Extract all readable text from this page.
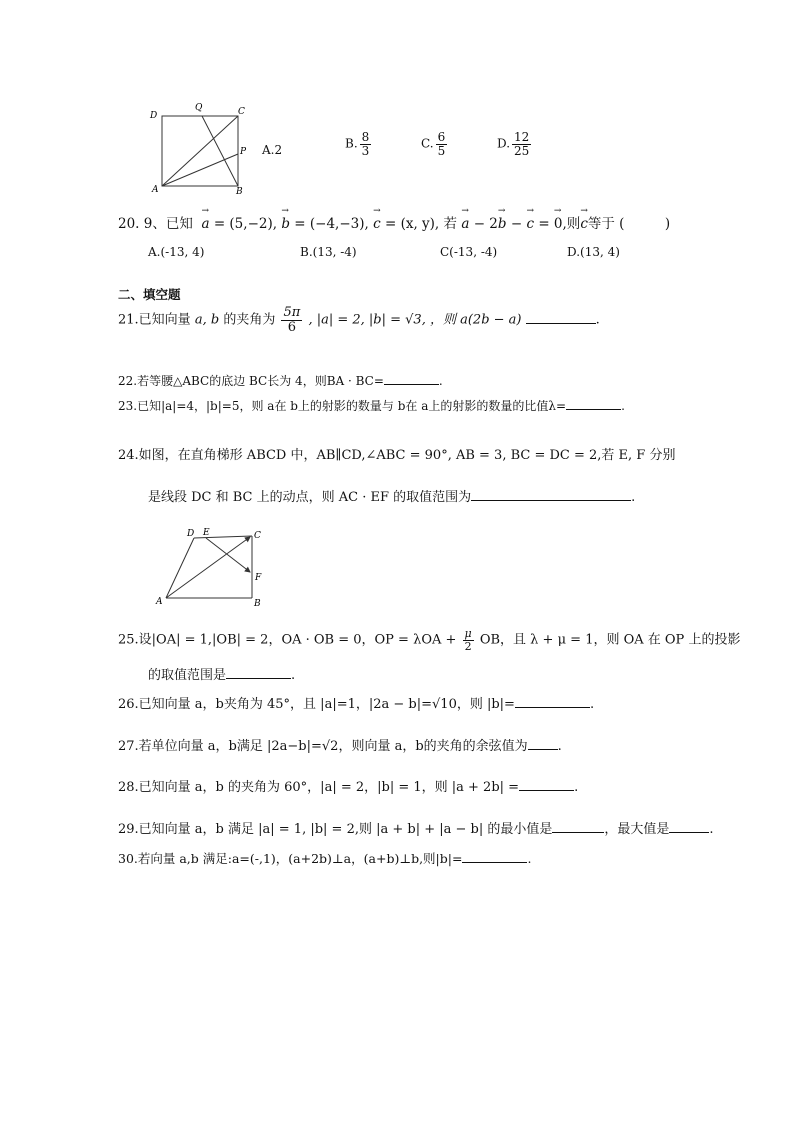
D
Q	C
P
A	B
A.2	B. $\frac{8}{3}$	C. $\frac{6}{5}$	D. $\frac{12}{25}$
20. 9、已知 → a = (5,−2), → b = (−4,−3), → c = (x, y), 若 → a − 2→ b − → c = → 0,则→ c等于 (　　　)
A.(-13, 4)	B.(13, -4)	C(-13, -4)	D.(13, 4)
二、填空题
21.已知向量 a, b 的夹角为 $\frac{5\pi}{6}$ , |a| = 2, |b| = √3, ，则 a(2b − a)	.
22.若等腰△ABC的底边 BC长为 4，则BA · BC=	.
23.已知|a|=4，|b|=5，则 a在 b上的射影的数量与 b在 a上的射影的数量的比值λ=	.
24.如图，在直角梯形 ABCD 中，AB∥CD,∠ABC = 90°, AB = 3, BC = DC = 2,若 E, F 分别
是线段 DC 和 BC 上的动点，则 AC · EF 的取值范围为	.
D E	C
F
A	B
25.设|OA| = 1,|OB| = 2，OA · OB = 0，OP = $\lambda OA + \frac{\mu}{2}$ OB，且 λ + μ = 1，则 OA 在 OP 上的投影
的取值范围是	.
26.已知向量 a，b夹角为 45°，且 |a|=1，|2a − b|=√10，则 |b|=	.
27.若单位向量 a，b满足 |2a−b|=√2，则向量 a，b的夹角的余弦值为 .
28.已知向量 a，b 的夹角为 60°，|a| = 2，|b| = 1，则 |a + 2b| =	.
29.已知向量 a，b 满足 |a| = 1, |b| = 2,则 |a + b| + |a − b| 的最小值是	，最大值是	.
30.若向量 a,b 满足:a=(-,1)，(a+2b)⊥a，(a+b)⊥b,则|b|=	.
